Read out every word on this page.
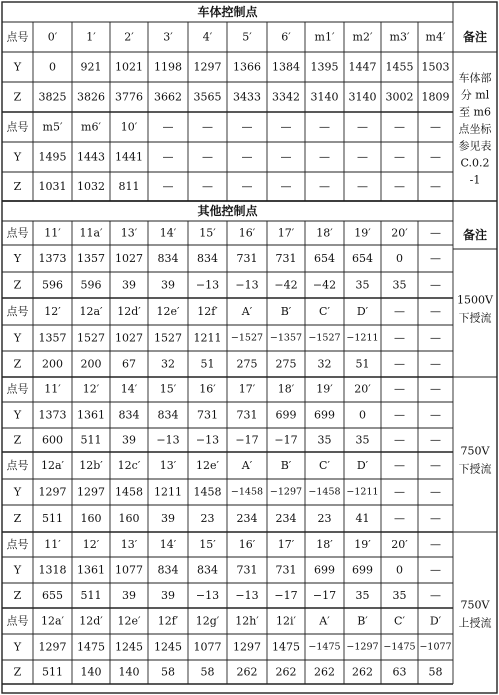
车体控制点
点号 0′	1′	2′	3′	4′	5′	6′ m1′ m2′ m3′ m4′
Y	0 921 1021 1198 1297 1366 1384 1395 1447 1455 1503
Z 3825 3826 3776 3662 3565 3433 3342 3140 3140 3002 1809
点号 m5′ m6′ 10′ —	—	—	—	— — — —
Y 1495 1443 1441 —	—	—	—	— — — —
Z 1031 1032 811 —	—	—	—	— — — —
备注
车体部
分 ml
至 m6
点坐标
参见表
C.0.2
-1
其他控制点
点号 11′ 11a′ 13′ 14′ 15′ 16′ 17′ 18′ 19′ 20′ —
Y 1373 1357 1027 834 834 731 731 654 654 0 —
Z 596 596 39 39 −13 −13 −42 −42 35 35 —
点号 12′ 12a′ 12d′ 12e′ 12f′ A′	B′	C′ D′ — —
Y 1357 1527 1027 1527 1211 −1527 −1357 −1527 −1211 — —
Z 200 200 67 32 51 275 275 32 51 — —
1500V
下授流
点号 11′ 12′ 14′ 15′ 16′ 17′ 18′ 19′ 20′ — —
Y 1373 1361 834 834 731 731 699 699 0	— —
Z 600 511 39 −13 −13 −17 −17 35 35 — —
点号 12a′ 12b′ 12c′ 13′ 12e′ A′	B′	C′ D′ — —
Y 1297 1297 1458 1211 1458 −1458 −1297 −1458 −1211 — —
Z 511 160 160 39 23 234 234 23 41 — —
750V
下授流
点号 11′ 12′ 13′ 14′ 15′ 16′ 17′ 18′ 19′ 20′ —
Y 1318 1361 1077 834 834 731 731 699 699 0 —
Z 655 511 39 39 −13 −13 −17 −17 35 35 —
点号 12a′ 12d′ 12e′ 12f′ 12g′ 12h′ 12i′ A′ B′ C′ D′
Y 1297 1475 1245 1245 1077 1297 1475 −1475 −1297 −1475 −1077
Z 511 140 140 58 58 262 262 262 262 63 58
750V
上授流
备注
